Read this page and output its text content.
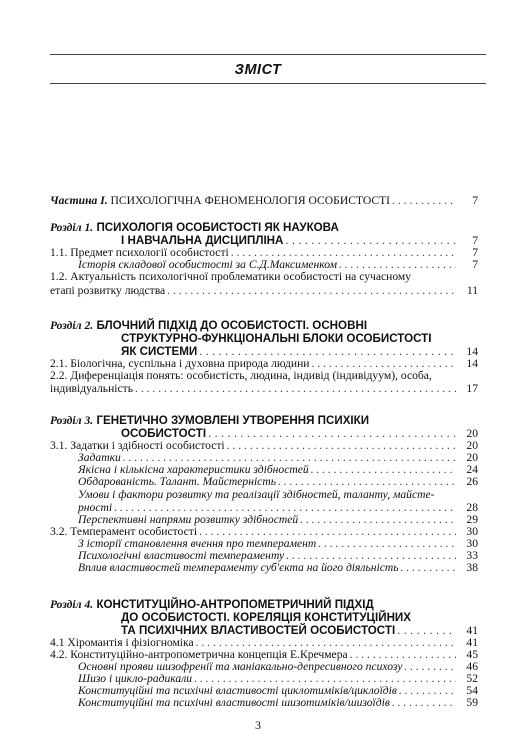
ЗМІСТ
Частина І. ПСИХОЛОГІЧНА ФЕНОМЕНОЛОГІЯ ОСОБИСТОСТІ . . .	7
Розділ 1. ПСИХОЛОГІЯ ОСОБИСТОСТІ ЯК НАУКОВА
І НАВЧАЛЬНА ДИСЦИПЛІНА . . .	7
1.1. Предмет психології особистості . . .	7
Історія складової особистості за С.Д.Максименком . . .	7
1.2. Актуальність психологічної проблематики особистості на сучасному
етапі розвитку людства . . .	11
Розділ 2. БЛОЧНИЙ ПІДХІД ДО ОСОБИСТОСТІ. ОСНОВНІ
СТРУКТУРНО-ФУНКЦІОНАЛЬНІ БЛОКИ ОСОБИСТОСТІ
ЯК СИСТЕМИ . . .	14
2.1. Біологічна, суспільна і духовна природа людини . . .	14
2.2. Диференціація понять: особистість, людина, індивід (індивідуум), особа,
індивідуальність . . .	17
Розділ 3. ГЕНЕТИЧНО ЗУМОВЛЕНІ УТВОРЕННЯ ПСИХІКИ
ОСОБИСТОСТІ . . .	20
3.1. Задатки і здібності особистості . . .	20
Задатки . . .	20
Якісна і кількісна характеристики здібностей . . .	24
Обдарованість. Талант. Майстерність . . .	26
Умови і фактори розвитку та реалізації здібностей, таланту, майсте-
рності . . .	28
Перспективні напрями розвитку здібностей . . .	29
3.2. Темперамент особистості . . .	30
З історії становлення вчення про темперамент . . .	30
Психологічні властивості темпераменту . . .	33
Вплив властивостей темпераменту суб'єкта на його діяльність . . .	38
Розділ 4. КОНСТИТУЦІЙНО-АНТРОПОМЕТРИЧНИЙ ПІДХІД
ДО ОСОБИСТОСТІ. КОРЕЛЯЦІЯ КОНСТИТУЦІЙНИХ
ТА ПСИХІЧНИХ ВЛАСТИВОСТЕЙ ОСОБИСТОСТІ . . .	41
4.1 Хіромантія і фізіогноміка . . .	41
4.2. Конституційно-антропометрична концепція Е.Кречмера . . .	45
Основні прояви шизофренії та маніакально-депресивного психозу . . .	46
Шизо і циклo-радикали . . .	52
Конституційні та психічні властивості циклотиміків/циклоїдів . . .	54
Конституційні та психічні властивості шизотиміків/шизоїдів . . .	59
3
